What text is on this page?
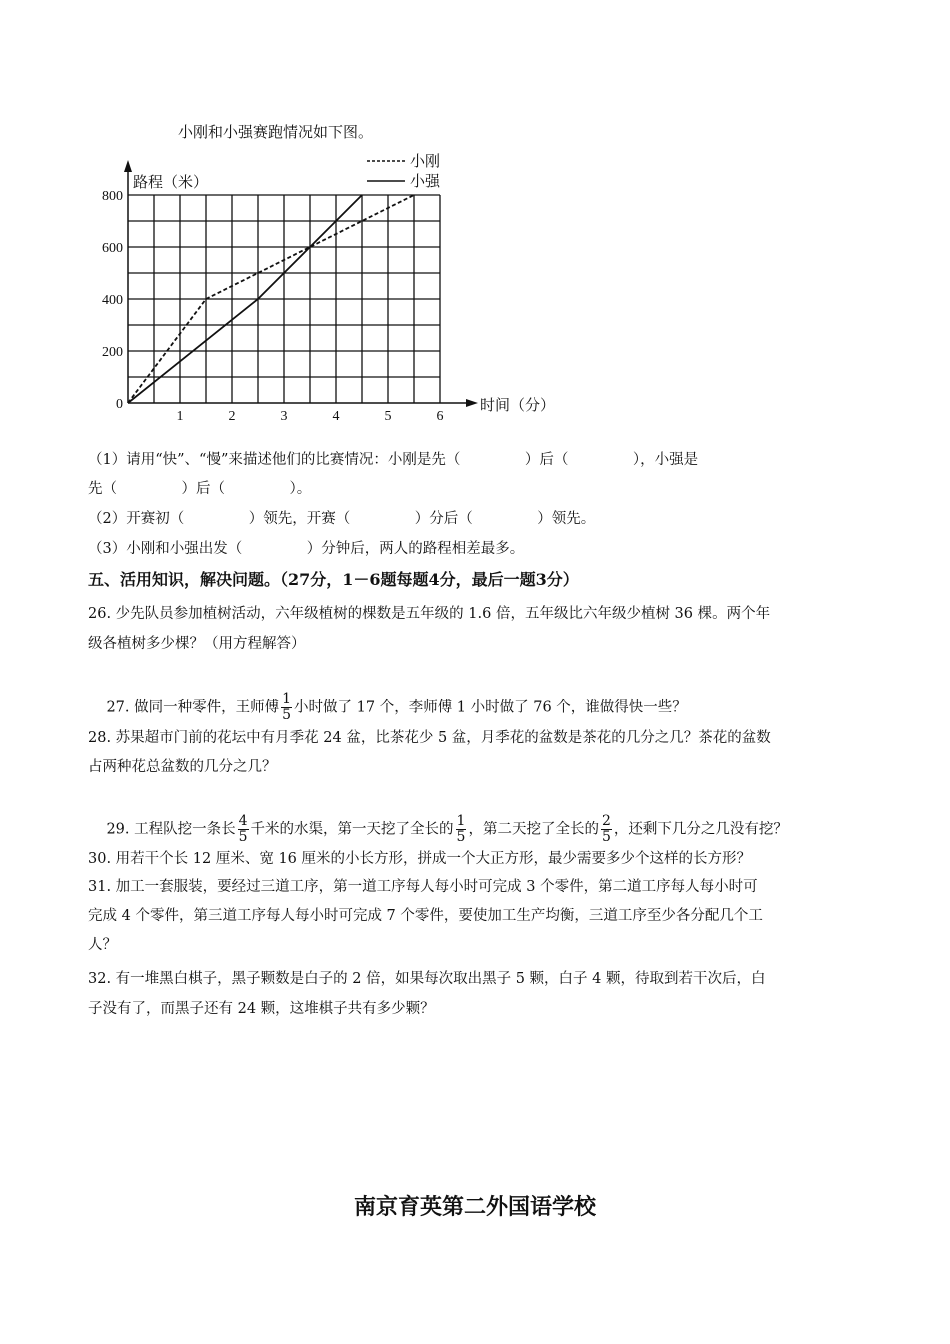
小刚和小强赛跑情况如下图。
0
200
400
600
800
1	2	3	4	5	6
路程（米）
时间（分）
小刚
小强
（1）请用“快”、“慢”来描述他们的比赛情况：小刚是先（              ）后（              ），小强是
先（              ）后（              ）。
（2）开赛初（              ）领先，开赛（              ）分后（              ）领先。
（3）小刚和小强出发（              ）分钟后，两人的路程相差最多。
五、活用知识，解决问题。（27分，1－6题每题4分，最后一题3分）
26. 少先队员参加植树活动，六年级植树的棵数是五年级的 1.6 倍，五年级比六年级少植树 36 棵。两个年
级各植树多少棵？（用方程解答）

27. 做同一种零件，王师傅 $\frac{1}{5}$ 小时做了 17 个，李师傅 1 小时做了 76 个，谁做得快一些？

28. 苏果超市门前的花坛中有月季花 24 盆，比茶花少 5 盆，月季花的盆数是茶花的几分之几？茶花的盆数
占两种花总盆数的几分之几？

29. 工程队挖一条长 $\frac{4}{5}$ 千米的水渠，第一天挖了全长的 $\frac{1}{5}$ ，第二天挖了全长的 $\frac{2}{5}$ ，还剩下几分之几没有挖？

30. 用若干个长 12 厘米、宽 16 厘米的小长方形，拼成一个大正方形，最少需要多少个这样的长方形？
31. 加工一套服装，要经过三道工序，第一道工序每人每小时可完成 3 个零件，第二道工序每人每小时可
完成 4 个零件，第三道工序每人每小时可完成 7 个零件，要使加工生产均衡，三道工序至少各分配几个工
人？
32. 有一堆黑白棋子，黑子颗数是白子的 2 倍，如果每次取出黑子 5 颗，白子 4 颗，待取到若干次后，白
子没有了，而黑子还有 24 颗，这堆棋子共有多少颗？
南京育英第二外国语学校
